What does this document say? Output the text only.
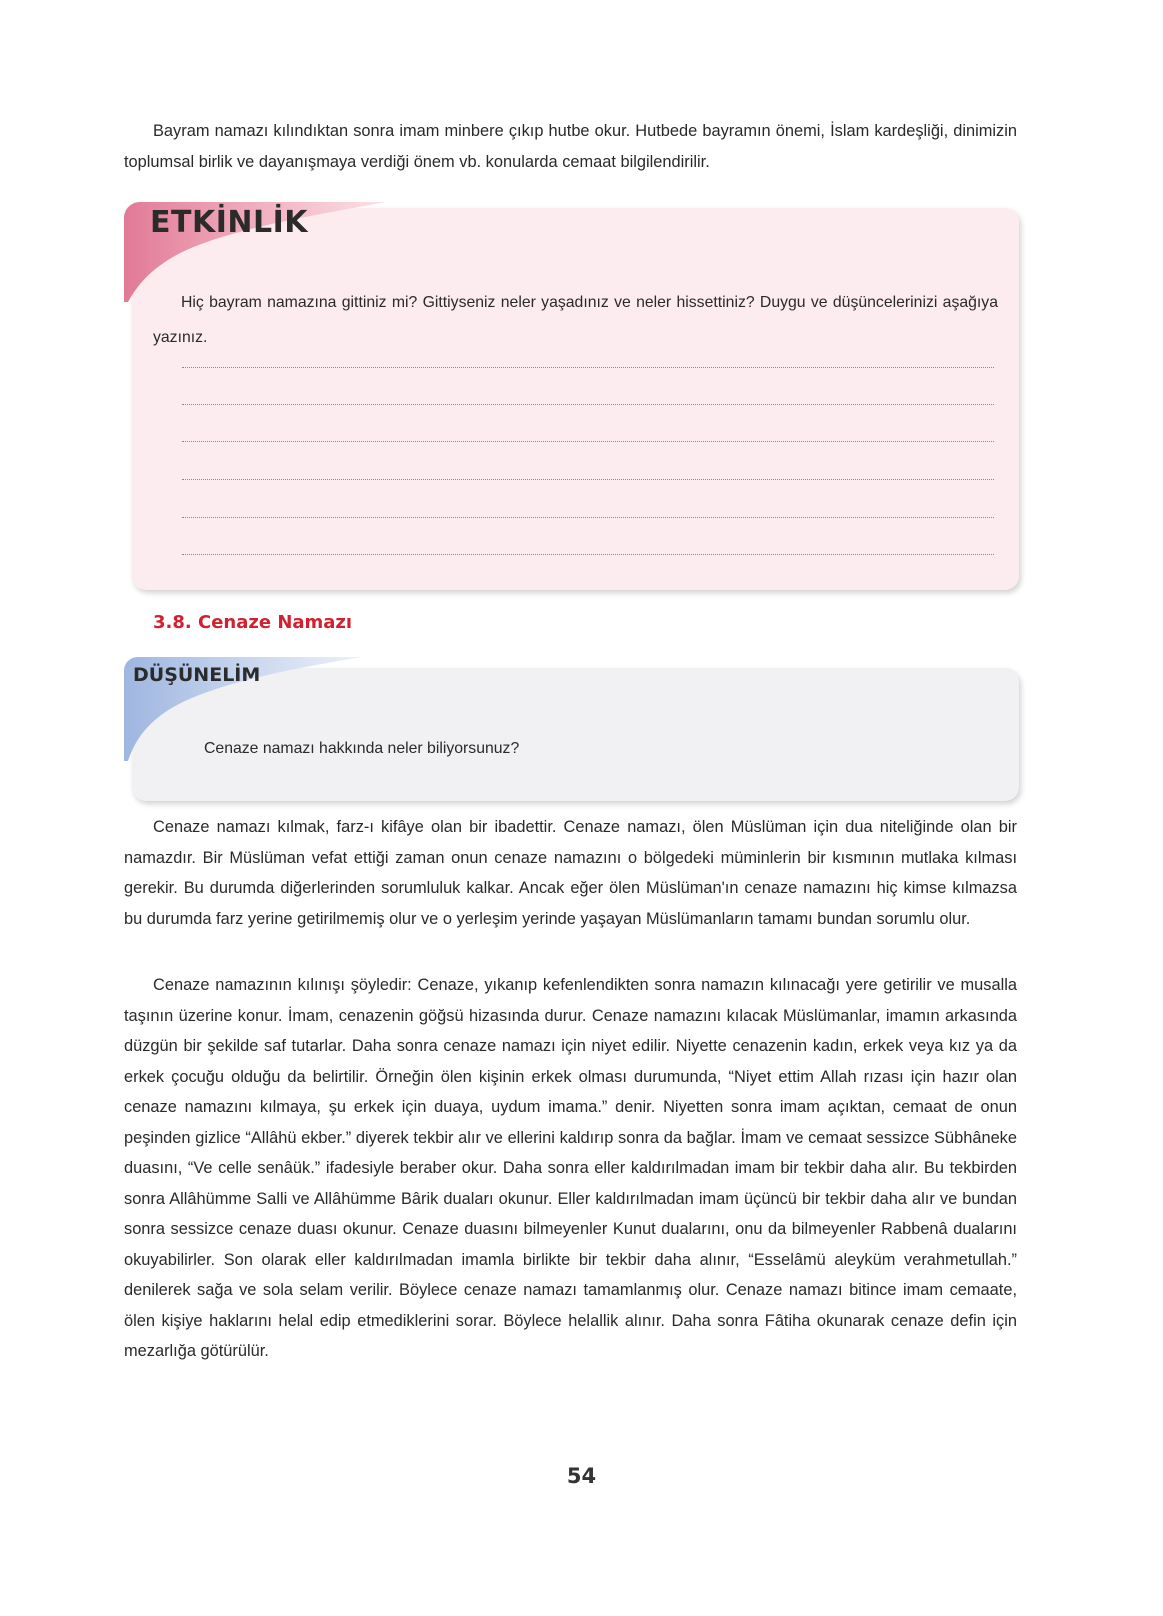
Bayram namazı kılındıktan sonra imam minbere çıkıp hutbe okur. Hutbede bayramın önemi, İslam kardeşliği, dinimizin toplumsal birlik ve dayanışmaya verdiği önem vb. konularda cemaat bilgilendirilir.

ETKİNLİK

Hiç bayram namazına gittiniz mi? Gittiyseniz neler yaşadınız ve neler hissettiniz? Duygu ve düşüncelerinizi aşağıya yazınız.

3.8. Cenaze Namazı
DÜŞÜNELİM

Cenaze namazı hakkında neler biliyorsunuz?

Cenaze namazı kılmak, farz-ı kifâye olan bir ibadettir. Cenaze namazı, ölen Müslüman için dua niteliğinde olan bir namazdır. Bir Müslüman vefat ettiği zaman onun cenaze namazını o bölgedeki müminlerin bir kısmının mutlaka kılması gerekir. Bu durumda diğerlerinden sorumluluk kalkar. Ancak eğer ölen Müslüman'ın cenaze namazını hiç kimse kılmazsa bu durumda farz yerine getirilmemiş olur ve o yerleşim yerinde yaşayan Müslümanların tamamı bundan sorumlu olur.

Cenaze namazının kılınışı şöyledir: Cenaze, yıkanıp kefenlendikten sonra namazın kılınacağı yere getirilir ve musalla taşının üzerine konur. İmam, cenazenin göğsü hizasında durur. Cenaze namazını kılacak Müslümanlar, imamın arkasında düzgün bir şekilde saf tutarlar. Daha sonra cenaze namazı için niyet edilir. Niyette cenazenin kadın, erkek veya kız ya da erkek çocuğu olduğu da belirtilir. Örneğin ölen kişinin erkek olması durumunda, “Niyet ettim Allah rızası için hazır olan cenaze namazını kılmaya, şu erkek için duaya, uydum imama.” denir. Niyetten sonra imam açıktan, cemaat de onun peşinden gizlice “Allâhü ekber.” diyerek tekbir alır ve ellerini kaldırıp sonra da bağlar. İmam ve cemaat sessizce Sübhâneke duasını, “Ve celle senâük.” ifadesiyle beraber okur. Daha sonra eller kaldırılmadan imam bir tekbir daha alır. Bu tekbirden sonra Allâhümme Salli ve Allâhümme Bârik duaları okunur. Eller kaldırılmadan imam üçüncü bir tekbir daha alır ve bundan sonra sessizce cenaze duası okunur. Cenaze duasını bilmeyenler Kunut dualarını, onu da bilmeyenler Rabbenâ dualarını okuyabilirler. Son olarak eller kaldırılmadan imamla birlikte bir tekbir daha alınır, “Esselâmü aleyküm verahmetullah.” denilerek sağa ve sola selam verilir. Böylece cenaze namazı tamamlanmış olur. Cenaze namazı bitince imam cemaate, ölen kişiye haklarını helal edip etmediklerini sorar. Böylece helallik alınır. Daha sonra Fâtiha okunarak cenaze defin için mezarlığa götürülür.

54
